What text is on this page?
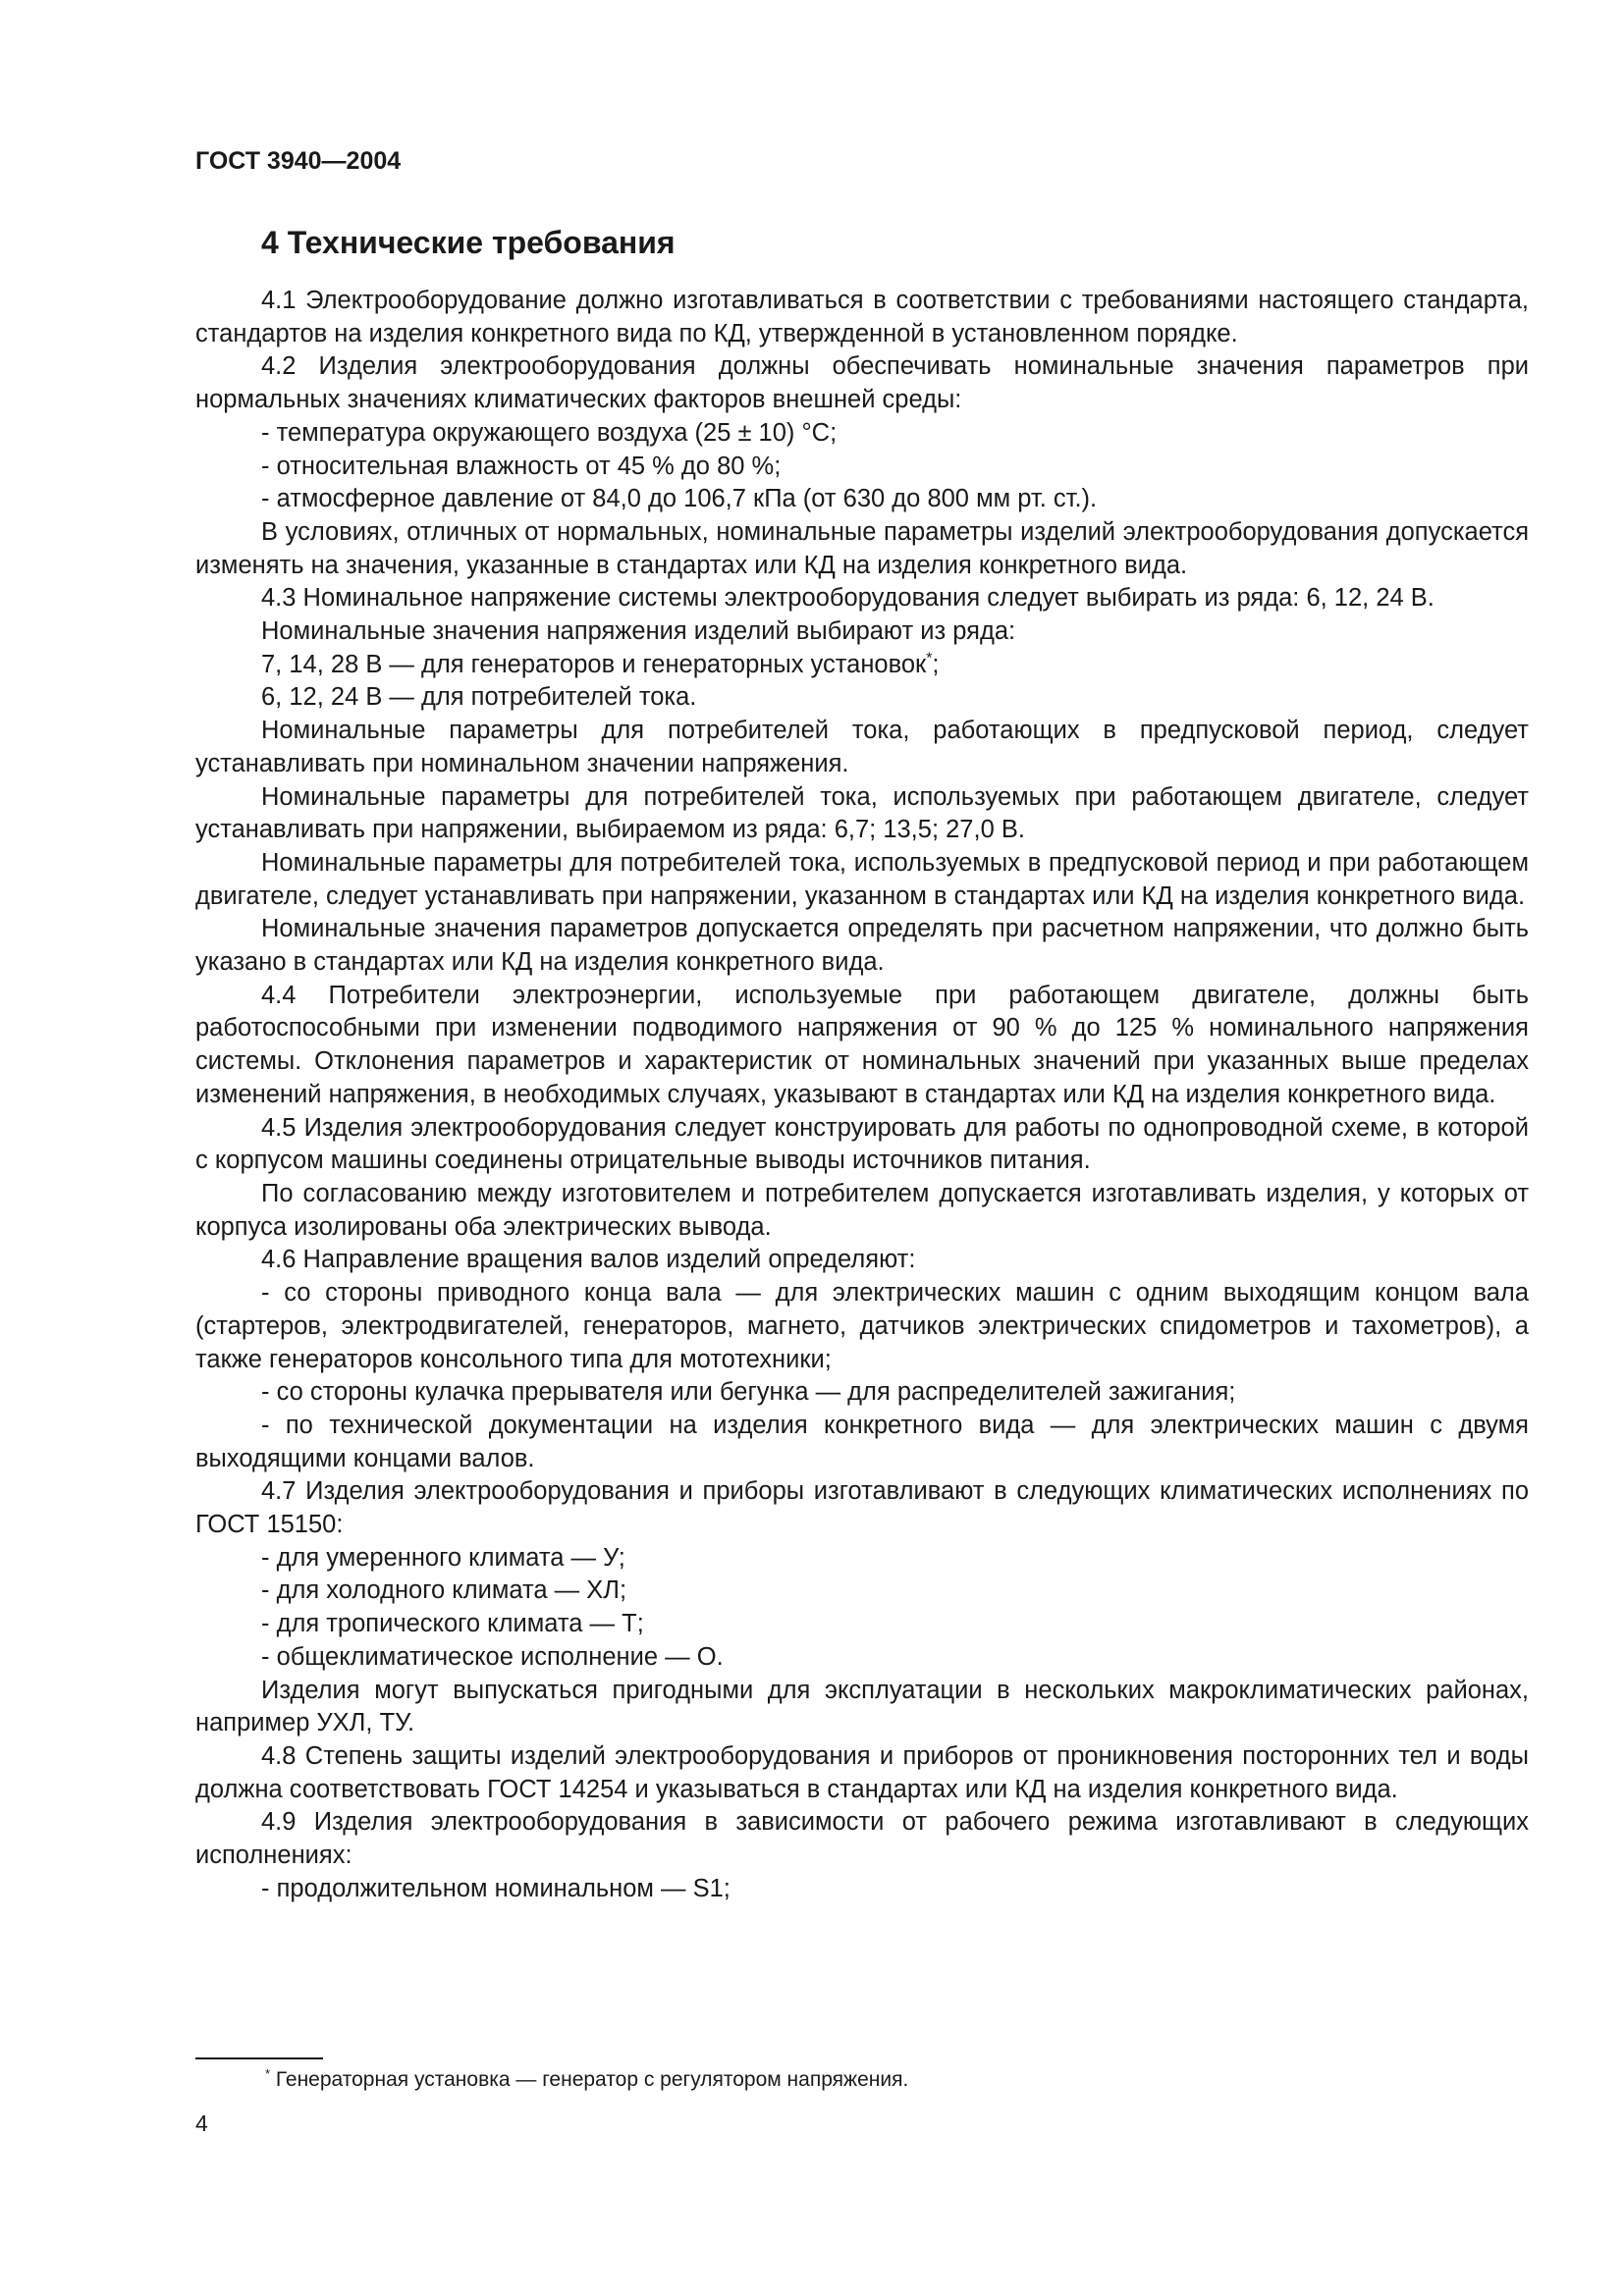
ГОСТ 3940—2004
4 Технические требования

4.1 Электрооборудование должно изготавливаться в соответствии с требованиями настоящего стандарта, стандартов на изделия конкретного вида по КД, утвержденной в установленном порядке.

4.2 Изделия электрооборудования должны обеспечивать номинальные значения параметров при нормальных значениях климатических факторов внешней среды:

- температура окружающего воздуха (25 ± 10) °С;

- относительная влажность от 45 % до 80 %;

- атмосферное давление от 84,0 до 106,7 кПа (от 630 до 800 мм рт. ст.).

В условиях, отличных от нормальных, номинальные параметры изделий электрооборудования допускается изменять на значения, указанные в стандартах или КД на изделия конкретного вида.

4.3 Номинальное напряжение системы электрооборудования следует выбирать из ряда: 6, 12, 24 В.

Номинальные значения напряжения изделий выбирают из ряда:

7, 14, 28 В — для генераторов и генераторных установок*;

6, 12, 24 В — для потребителей тока.

Номинальные параметры для потребителей тока, работающих в предпусковой период, следует устанавливать при номинальном значении напряжения.

Номинальные параметры для потребителей тока, используемых при работающем двигателе, следует устанавливать при напряжении, выбираемом из ряда: 6,7; 13,5; 27,0 В.

Номинальные параметры для потребителей тока, используемых в предпусковой период и при работающем двигателе, следует устанавливать при напряжении, указанном в стандартах или КД на изделия конкретного вида.

Номинальные значения параметров допускается определять при расчетном напряжении, что должно быть указано в стандартах или КД на изделия конкретного вида.

4.4 Потребители электроэнергии, используемые при работающем двигателе, должны быть работоспособными при изменении подводимого напряжения от 90 % до 125 % номинального напряжения системы. Отклонения параметров и характеристик от номинальных значений при указанных выше пределах изменений напряжения, в необходимых случаях, указывают в стандартах или КД на изделия конкретного вида.

4.5 Изделия электрооборудования следует конструировать для работы по однопроводной схеме, в которой с корпусом машины соединены отрицательные выводы источников питания.

По согласованию между изготовителем и потребителем допускается изготавливать изделия, у которых от корпуса изолированы оба электрических вывода.

4.6 Направление вращения валов изделий определяют:

- со стороны приводного конца вала — для электрических машин с одним выходящим концом вала (стартеров, электродвигателей, генераторов, магнето, датчиков электрических спидометров и тахометров), а также генераторов консольного типа для мототехники;

- со стороны кулачка прерывателя или бегунка — для распределителей зажигания;

- по технической документации на изделия конкретного вида — для электрических машин с двумя выходящими концами валов.

4.7 Изделия электрооборудования и приборы изготавливают в следующих климатических исполнениях по ГОСТ 15150:

- для умеренного климата — У;

- для холодного климата — ХЛ;

- для тропического климата — Т;

- общеклиматическое исполнение — О.

Изделия могут выпускаться пригодными для эксплуатации в нескольких макроклиматических районах, например УХЛ, ТУ.

4.8 Степень защиты изделий электрооборудования и приборов от проникновения посторонних тел и воды должна соответствовать ГОСТ 14254 и указываться в стандартах или КД на изделия конкретного вида.

4.9 Изделия электрооборудования в зависимости от рабочего режима изготавливают в следующих исполнениях:

- продолжительном номинальном — S1;

* Генераторная установка — генератор с регулятором напряжения.
4
